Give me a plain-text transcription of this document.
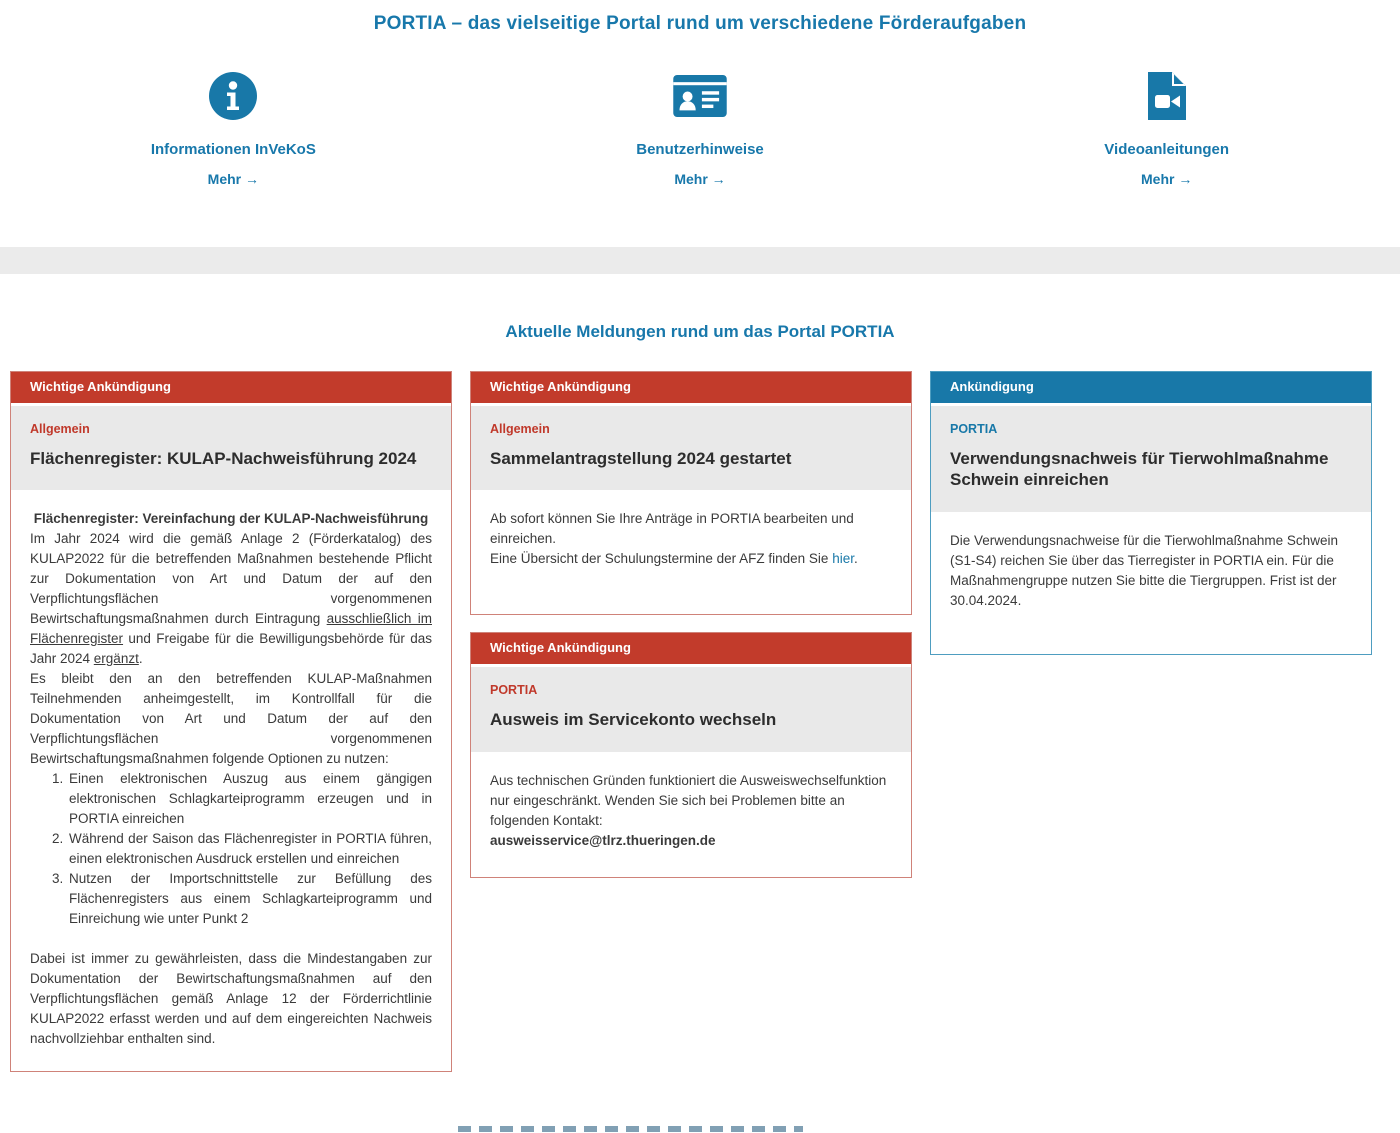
PORTIA – das vielseitige Portal rund um verschiedene Förderaufgaben
Informationen InVeKoS
Mehr →
Benutzerhinweise
Mehr →
Videoanleitungen
Mehr →
Aktuelle Meldungen rund um das Portal PORTIA
Wichtige Ankündigung
Allgemein
Flächenregister: KULAP-Nachweisführung 2024

Flächenregister: Vereinfachung der KULAP-Nachweisführung

Im Jahr 2024 wird die gemäß Anlage 2 (Förderkatalog) des KULAP2022 für die betreffenden Maßnahmen bestehende Pflicht zur Dokumentation von Art und Datum der auf den Verpflichtungsflächen vorgenommenen Bewirtschaftungsmaßnahmen durch Eintragung ausschließlich im Flächenregister und Freigabe für die Bewilligungsbehörde für das Jahr 2024 ergänzt.

Es bleibt den an den betreffenden KULAP-Maßnahmen Teilnehmenden anheimgestellt, im Kontrollfall für die Dokumentation von Art und Datum der auf den Verpflichtungsflächen vorgenommenen Bewirtschaftungsmaßnahmen folgende Optionen zu nutzen:

1. Einen elektronischen Auszug aus einem gängigen elektronischen Schlagkarteiprogramm erzeugen und in PORTIA einreichen
2. Während der Saison das Flächenregister in PORTIA führen, einen elektronischen Ausdruck erstellen und einreichen
3. Nutzen der Importschnittstelle zur Befüllung des Flächenregisters aus einem Schlagkarteiprogramm und Einreichung wie unter Punkt 2

Dabei ist immer zu gewährleisten, dass die Mindestangaben zur Dokumentation der Bewirtschaftungsmaßnahmen auf den Verpflichtungsflächen gemäß Anlage 12 der Förderrichtlinie KULAP2022 erfasst werden und auf dem eingereichten Nachweis nachvollziehbar enthalten sind.

Wichtige Ankündigung
Allgemein
Sammelantragstellung 2024 gestartet

Ab sofort können Sie Ihre Anträge in PORTIA bearbeiten und einreichen.

Eine Übersicht der Schulungstermine der AFZ finden Sie hier.

Wichtige Ankündigung
PORTIA
Ausweis im Servicekonto wechseln

Aus technischen Gründen funktioniert die Ausweiswechselfunktion nur eingeschränkt. Wenden Sie sich bei Problemen bitte an folgenden Kontakt:

ausweisservice@tlrz.thueringen.de

Ankündigung
PORTIA
Verwendungsnachweis für Tierwohlmaßnahme Schwein einreichen

Die Verwendungsnachweise für die Tierwohlmaßnahme Schwein (S1-S4) reichen Sie über das Tierregister in PORTIA ein. Für die Maßnahmengruppe nutzen Sie bitte die Tiergruppen. Frist ist der 30.04.2024.
